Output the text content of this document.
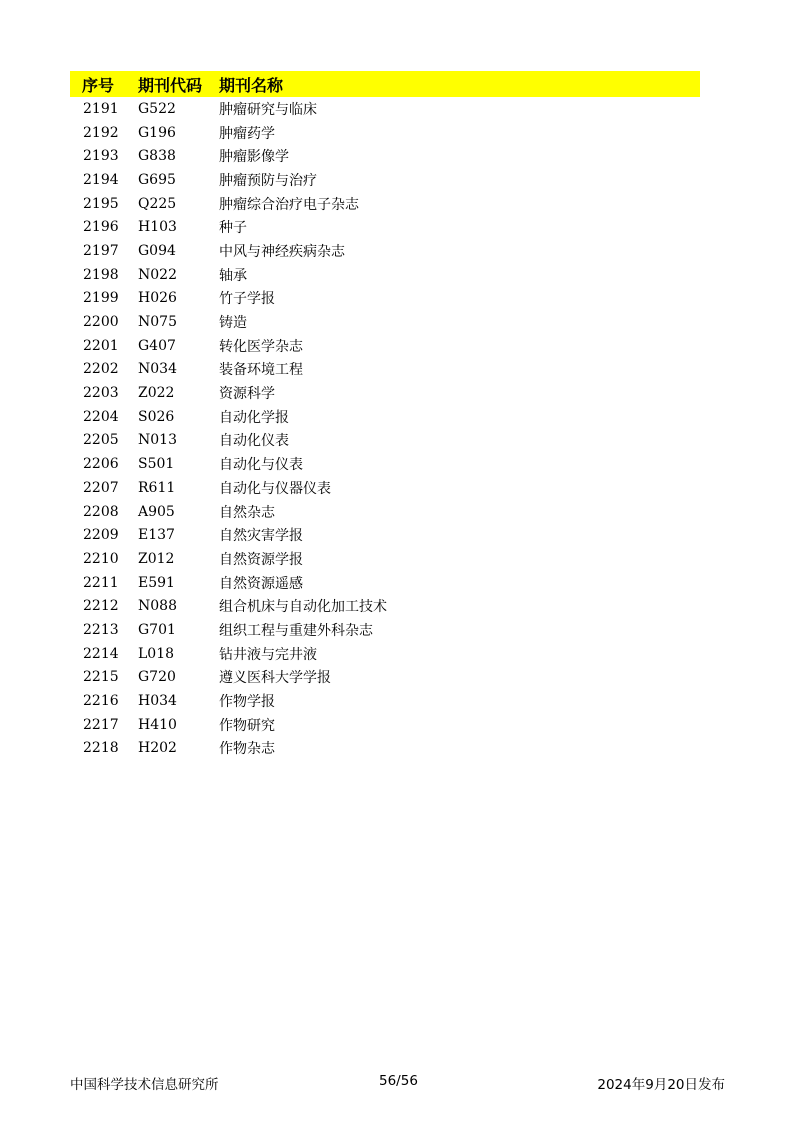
序号	期刊代码	期刊名称
2191	G522	肿瘤研究与临床
2192	G196	肿瘤药学
2193	G838	肿瘤影像学
2194	G695	肿瘤预防与治疗
2195	Q225	肿瘤综合治疗电子杂志
2196	H103	种子
2197	G094	中风与神经疾病杂志
2198	N022	轴承
2199	H026	竹子学报
2200	N075	铸造
2201	G407	转化医学杂志
2202	N034	装备环境工程
2203	Z022	资源科学
2204	S026	自动化学报
2205	N013	自动化仪表
2206	S501	自动化与仪表
2207	R611	自动化与仪器仪表
2208	A905	自然杂志
2209	E137	自然灾害学报
2210	Z012	自然资源学报
2211	E591	自然资源遥感
2212	N088	组合机床与自动化加工技术
2213	G701	组织工程与重建外科杂志
2214	L018	钻井液与完井液
2215	G720	遵义医科大学学报
2216	H034	作物学报
2217	H410	作物研究
2218	H202	作物杂志
中国科学技术信息研究所	56/56	2024年9月20日发布
